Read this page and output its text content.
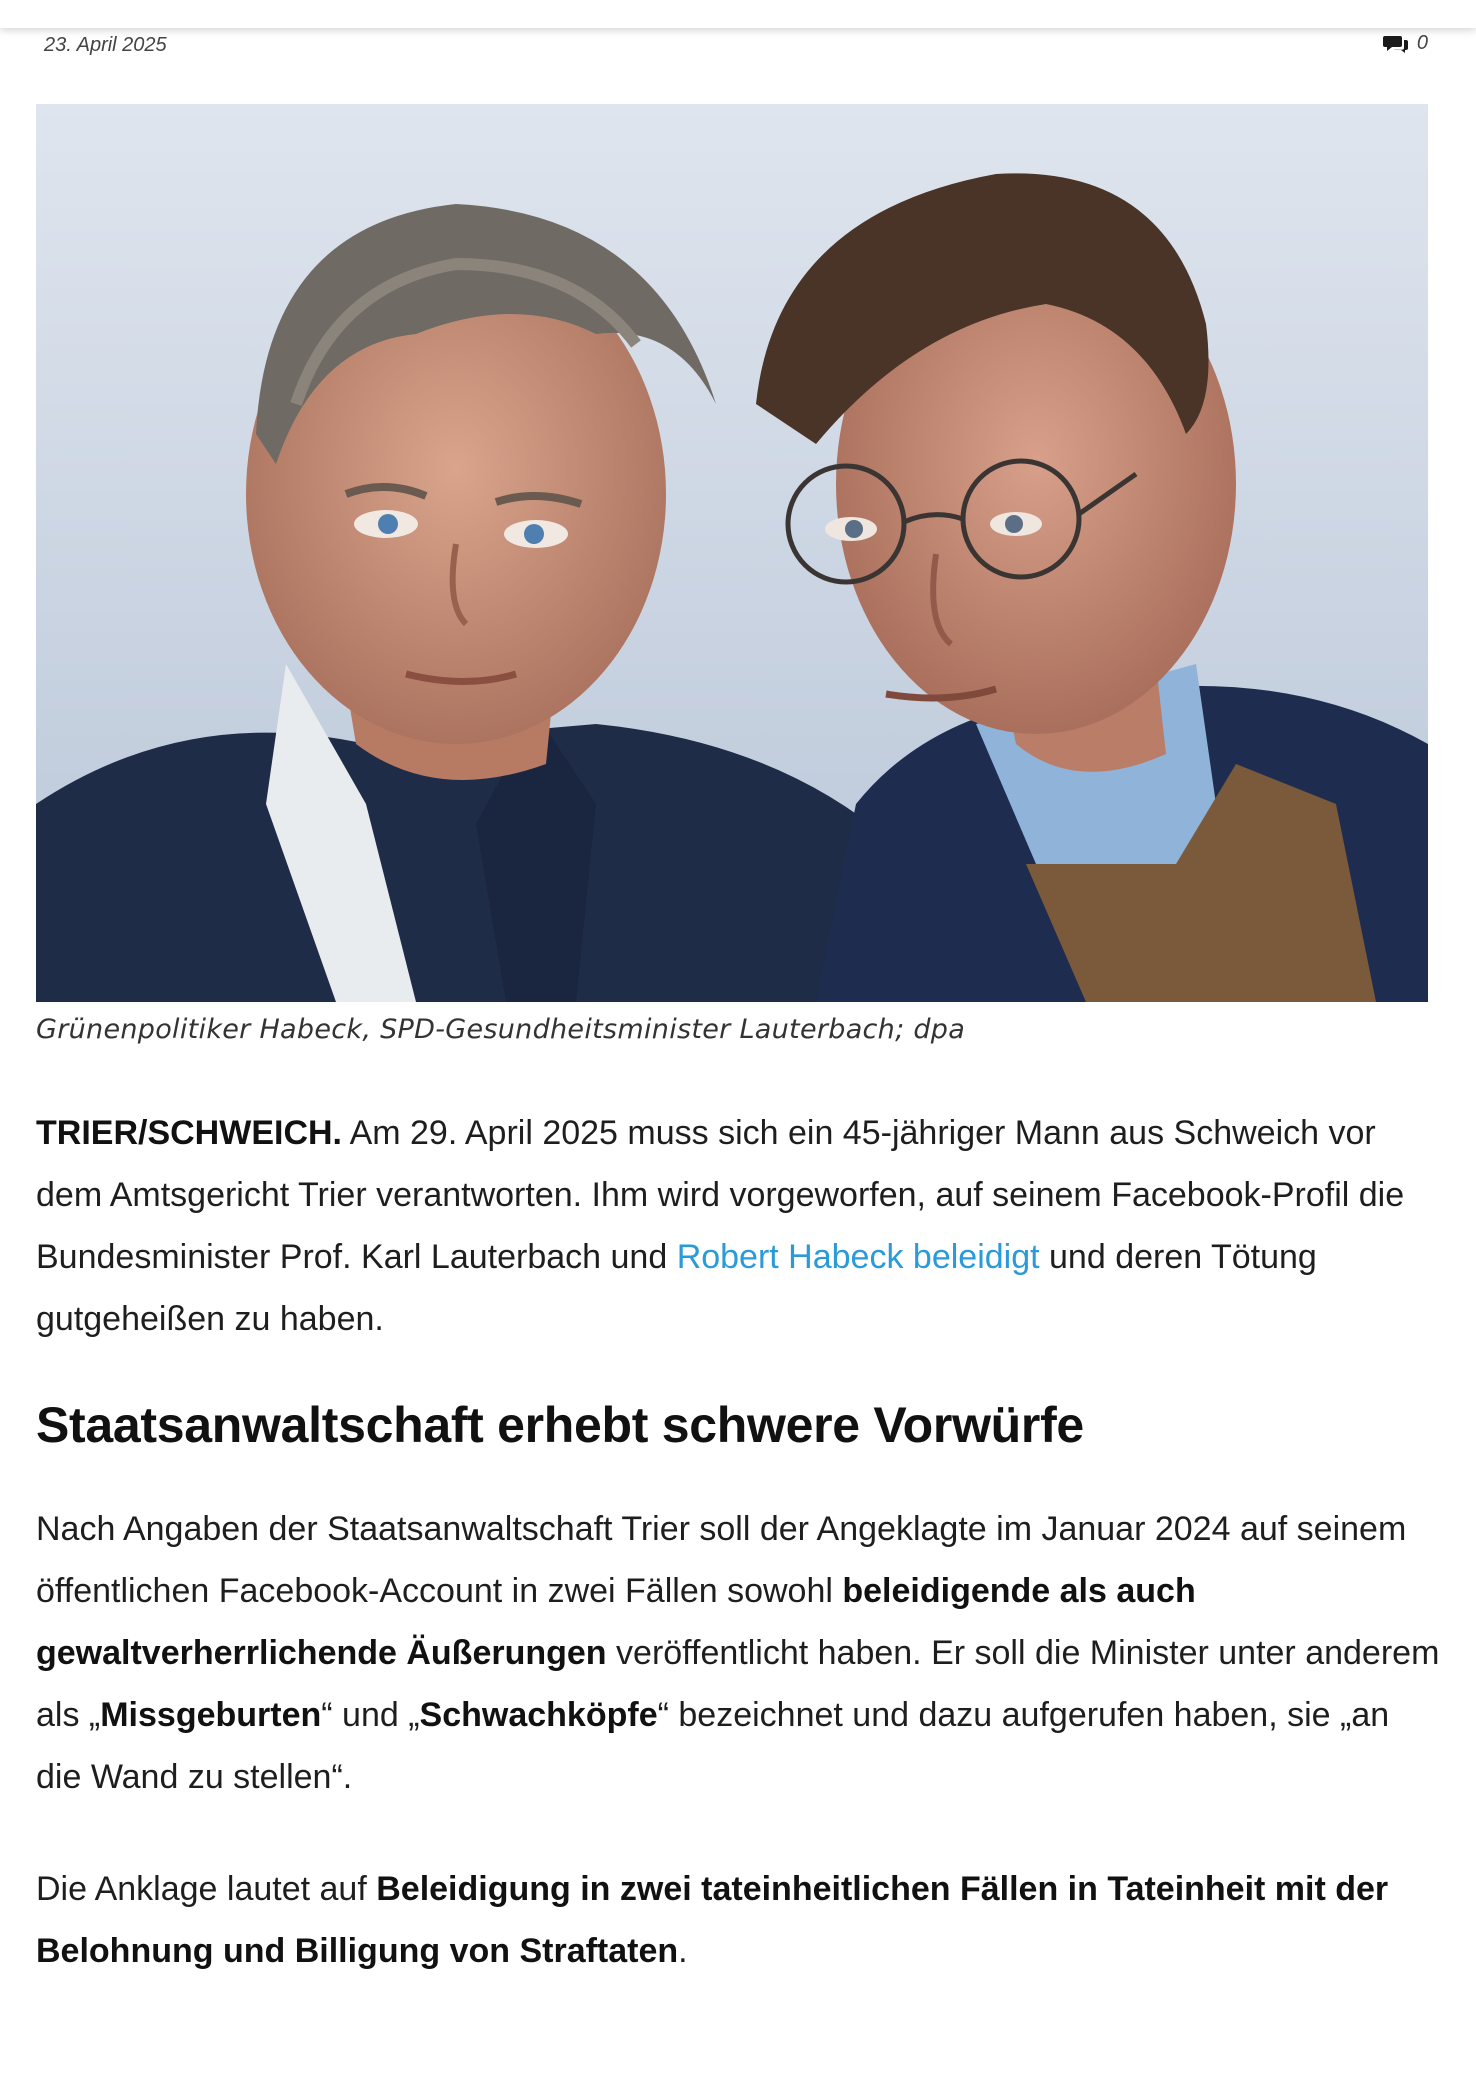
23. April 2025	0
Grünenpolitiker Habeck, SPD-Gesundheitsminister Lauterbach; dpa

TRIER/SCHWEICH. Am 29. April 2025 muss sich ein 45-jähriger Mann aus Schweich vor dem Amtsgericht Trier verantworten. Ihm wird vorgeworfen, auf seinem Facebook-Profil die Bundesminister Prof. Karl Lauterbach und Robert Habeck beleidigt und deren Tötung gutgeheißen zu haben.

Staatsanwaltschaft erhebt schwere Vorwürfe

Nach Angaben der Staatsanwaltschaft Trier soll der Angeklagte im Januar 2024 auf seinem öffentlichen Facebook-Account in zwei Fällen sowohl beleidigende als auch gewaltverherrlichende Äußerungen veröffentlicht haben. Er soll die Minister unter anderem als „Missgeburten“ und „Schwachköpfe“ bezeichnet und dazu aufgerufen haben, sie „an die Wand zu stellen“.

Die Anklage lautet auf Beleidigung in zwei tateinheitlichen Fällen in Tateinheit mit der Belohnung und Billigung von Straftaten.
